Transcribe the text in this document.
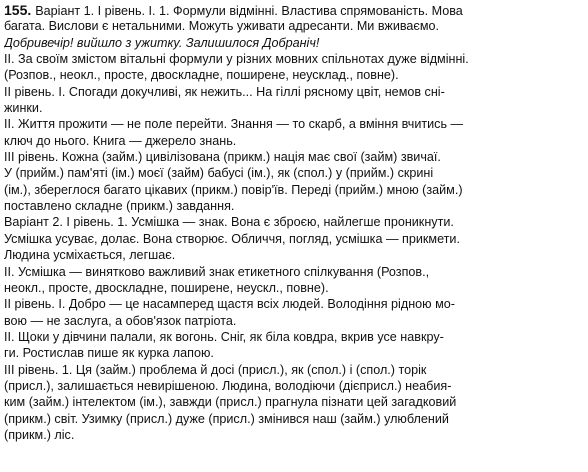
155. Варіант 1. I рівень. I. 1. Формули відмінні. Властива спрямованість. Мова
багата. Вислови є нетальними. Можуть уживати адресанти. Ми вживаємо.
Добривечір! вийшло з ужитку. Залишилося Добраніч!
II. За своїм змістом вітальні формули у різних мовних спільнотах дуже відмінні.
(Розпов., неокл., просте, двоскладне, поширене, неусклад., повне).
II рівень. I. Спогади докучливі, як нежить... На гіллі рясному цвіт, немов сні-
жинки.
II. Життя прожити — не поле перейти. Знання — то скарб, а вміння вчитись —
ключ до нього. Книга — джерело знань.
III рівень. Кожна (займ.) цивілізована (прикм.) нація має свої (займ) звичаї.
У (прийм.) пам'яті (ім.) моєї (займ) бабусі (ім.), як (спол.) у (прийм.) скрині
(ім.), збереглося багато цікавих (прикм.) повір'їв. Переді (прийм.) мною (займ.)
поставлено складне (прикм.) завдання.
Варіант 2. I рівень. 1. Усмішка — знак. Вона є зброєю, найлегше проникнути.
Усмішка усуває, долає. Вона створює. Обличчя, погляд, усмішка — прикмети.
Людина усміхається, легшає.
II. Усмішка — винятково важливий знак етикетного спілкування (Розпов.,
неокл., просте, двоскладне, поширене, неускл., повне).
II рівень. I. Добро — це насамперед щастя всіх людей. Володіння рідною мо-
вою — не заслуга, а обов'язок патріота.
II. Щоки у дівчини палали, як вогонь. Сніг, як біла ковдра, вкрив усе навкру-
ги. Ростислав пише як курка лапою.
III рівень. 1. Ця (займ.) проблема й досі (присл.), як (спол.) і (спол.) торік
(присл.), залишається невирішеною. Людина, володіючи (дієприсл.) неабия-
ким (займ.) інтелектом (ім.), завжди (присл.) прагнула пізнати цей загадковий
(прикм.) світ. Узимку (присл.) дуже (присл.) змінився наш (займ.) улюблений
(прикм.) ліс.
